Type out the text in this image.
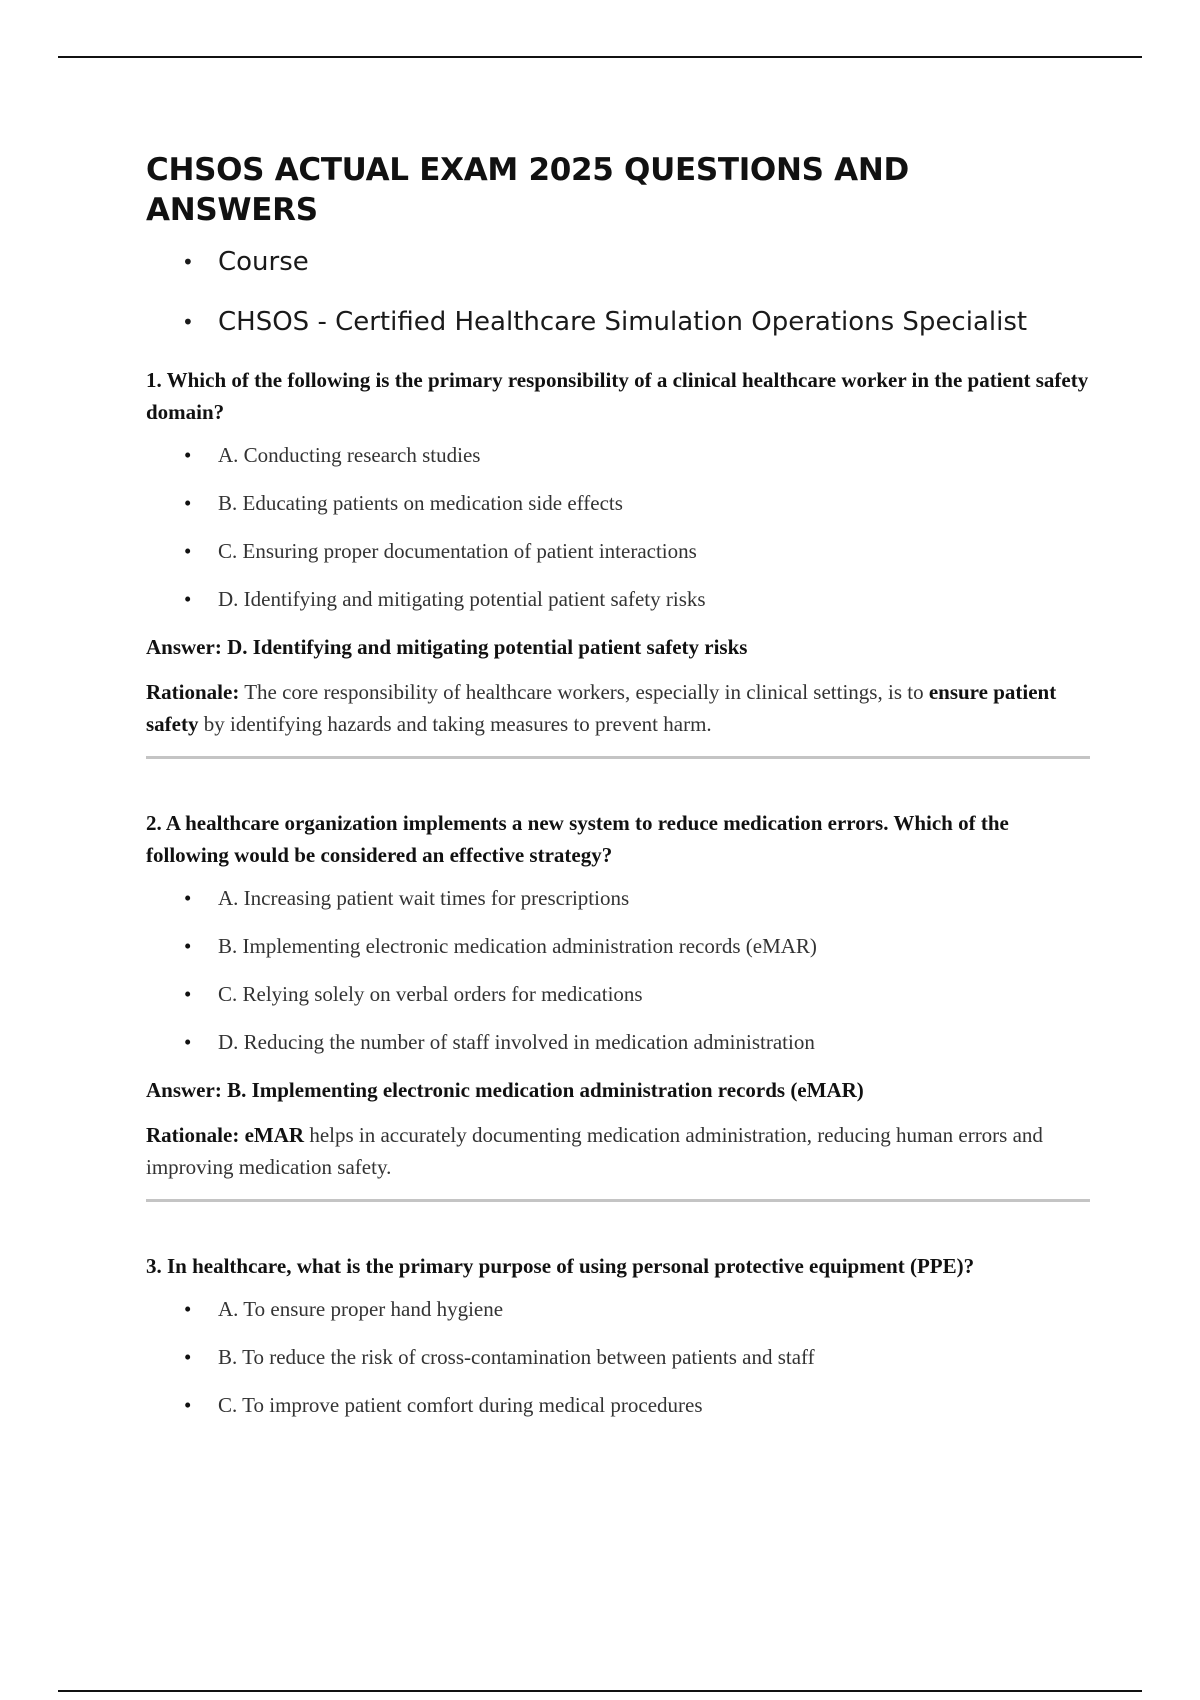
CHSOS ACTUAL EXAM 2025 QUESTIONS AND ANSWERS
• Course
• CHSOS - Certified Healthcare Simulation Operations Specialist

1. Which of the following is the primary responsibility of a clinical healthcare worker in the patient safety domain?

• A. Conducting research studies
• B. Educating patients on medication side effects
• C. Ensuring proper documentation of patient interactions
• D. Identifying and mitigating potential patient safety risks

Answer: D. Identifying and mitigating potential patient safety risks

Rationale: The core responsibility of healthcare workers, especially in clinical settings, is to ensure patient safety by identifying hazards and taking measures to prevent harm.

2. A healthcare organization implements a new system to reduce medication errors. Which of the following would be considered an effective strategy?

• A. Increasing patient wait times for prescriptions
• B. Implementing electronic medication administration records (eMAR)
• C. Relying solely on verbal orders for medications
• D. Reducing the number of staff involved in medication administration

Answer: B. Implementing electronic medication administration records (eMAR)

Rationale: eMAR helps in accurately documenting medication administration, reducing human errors and improving medication safety.

3. In healthcare, what is the primary purpose of using personal protective equipment (PPE)?

• A. To ensure proper hand hygiene
• B. To reduce the risk of cross-contamination between patients and staff
• C. To improve patient comfort during medical procedures
